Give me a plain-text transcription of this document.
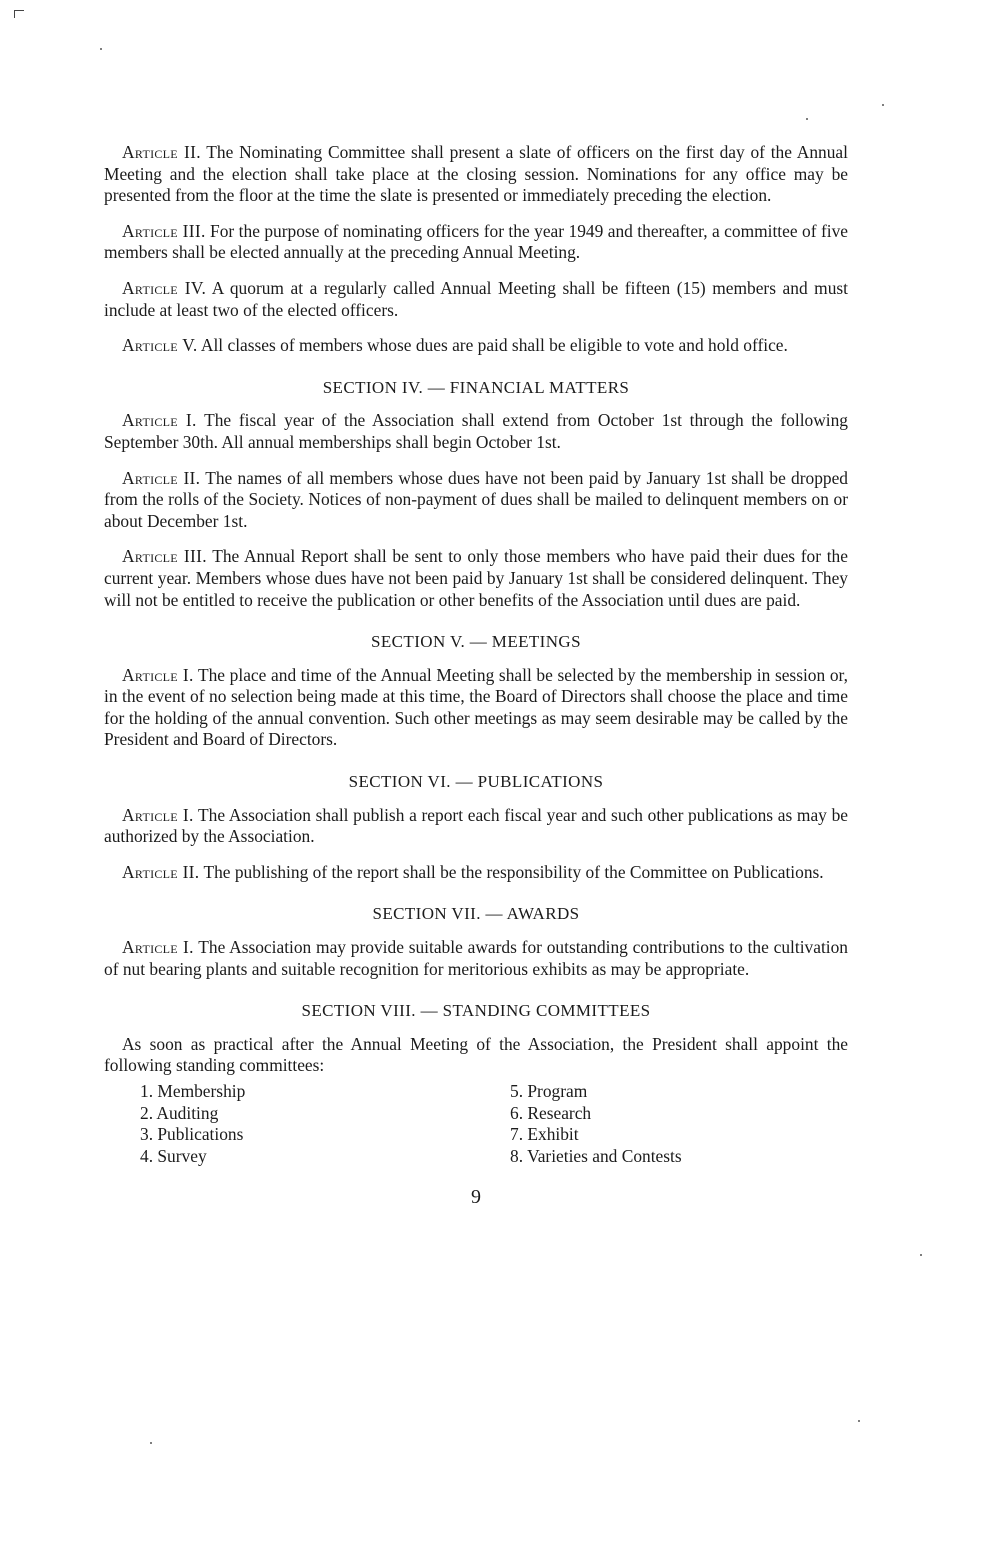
Article II. The Nominating Committee shall present a slate of officers on the first day of the Annual Meeting and the election shall take place at the closing session. Nominations for any office may be presented from the floor at the time the slate is presented or immediately preceding the election.

Article III. For the purpose of nominating officers for the year 1949 and thereafter, a committee of five members shall be elected annually at the preceding Annual Meeting.

Article IV. A quorum at a regularly called Annual Meeting shall be fifteen (15) members and must include at least two of the elected officers.

Article V. All classes of members whose dues are paid shall be eligible to vote and hold office.

SECTION IV. — FINANCIAL MATTERS

Article I. The fiscal year of the Association shall extend from October 1st through the following September 30th. All annual memberships shall begin October 1st.

Article II. The names of all members whose dues have not been paid by January 1st shall be dropped from the rolls of the Society. Notices of non-payment of dues shall be mailed to delinquent members on or about December 1st.

Article III. The Annual Report shall be sent to only those members who have paid their dues for the current year. Members whose dues have not been paid by January 1st shall be considered delinquent. They will not be entitled to receive the publication or other benefits of the Association until dues are paid.

SECTION V. — MEETINGS

Article I. The place and time of the Annual Meeting shall be selected by the membership in session or, in the event of no selection being made at this time, the Board of Directors shall choose the place and time for the holding of the annual convention. Such other meetings as may seem desirable may be called by the President and Board of Directors.

SECTION VI. — PUBLICATIONS

Article I. The Association shall publish a report each fiscal year and such other publications as may be authorized by the Association.

Article II. The publishing of the report shall be the responsibility of the Committee on Publications.

SECTION VII. — AWARDS

Article I. The Association may provide suitable awards for outstanding contributions to the cultivation of nut bearing plants and suitable recognition for meritorious exhibits as may be appropriate.

SECTION VIII. — STANDING COMMITTEES

As soon as practical after the Annual Meeting of the Association, the President shall appoint the following standing committees:

1. Membership
2. Auditing
3. Publications
4. Survey
5. Program
6. Research
7. Exhibit
8. Varieties and Contests
9
